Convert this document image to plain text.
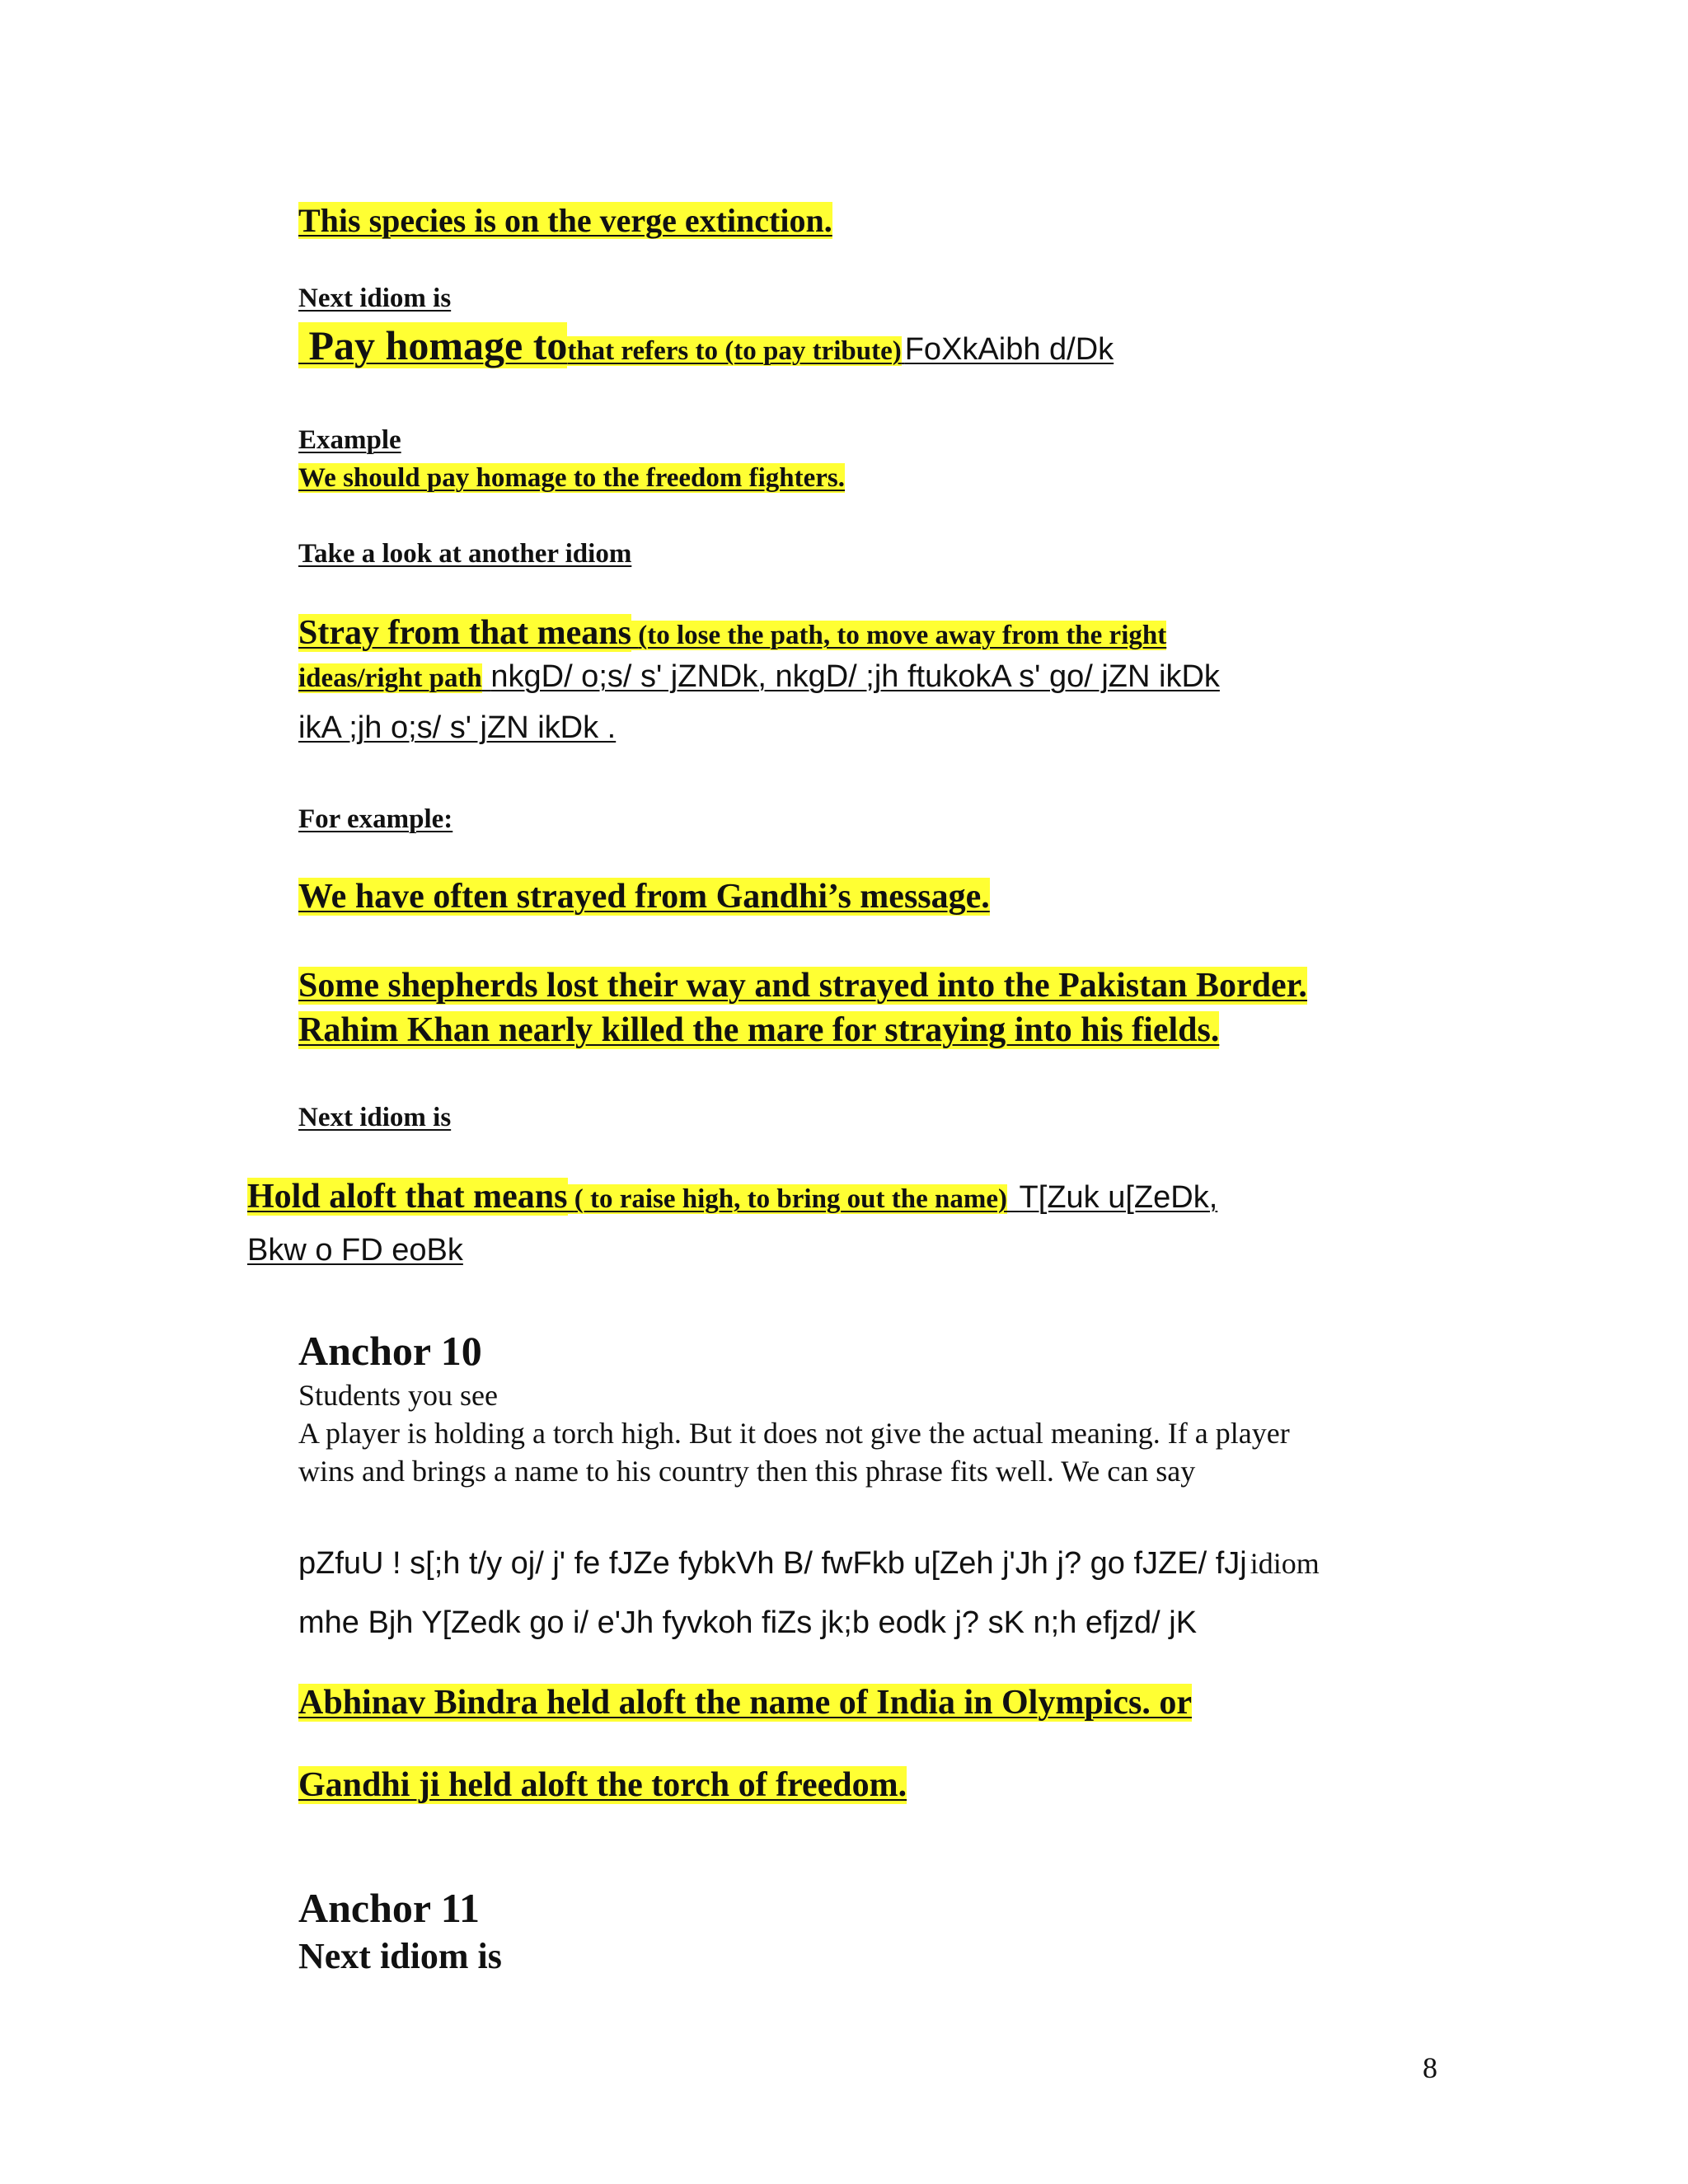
This species is on the verge extinction.
Next idiom is
Pay homage tothat refers to (to pay tribute) FoXkAibh d/Dk
Example
We should pay homage to the freedom fighters.
Take a look at another idiom
Stray from that means (to lose the path, to move away from the right
ideas/right path nkgD/ o;s/ s' jZNDk, nkgD/ ;jh ftukokA s' go/ jZN ikDk
ikA ;jh o;s/ s' jZN ikDk .
For example:
We have often strayed from Gandhi’s message.
Some shepherds lost their way and strayed into the Pakistan Border.
Rahim Khan nearly killed the mare for straying into his fields.
Next idiom is
Hold aloft that means ( to raise high, to bring out the name) T[Zuk u[ZeDk,
Bkw o FD eoBk
Anchor 10
Students you see
A player is holding a torch high. But it does not give the actual meaning. If a player
wins and brings a name to his country then this phrase fits well. We can say
pZfuU ! s[;h t/y oj/ j' fe fJZe fybkVh B/ fwFkb u[Zeh j'Jh j? go fJZE/ fJj idiom
mhe Bjh Y[Zedk go i/ e'Jh fyvkoh fiZs jk;b eodk j? sK n;h efjzd/ jK
Abhinav Bindra held aloft the name of India in Olympics. or
Gandhi ji held aloft the torch of freedom.
Anchor 11
Next idiom is
8
